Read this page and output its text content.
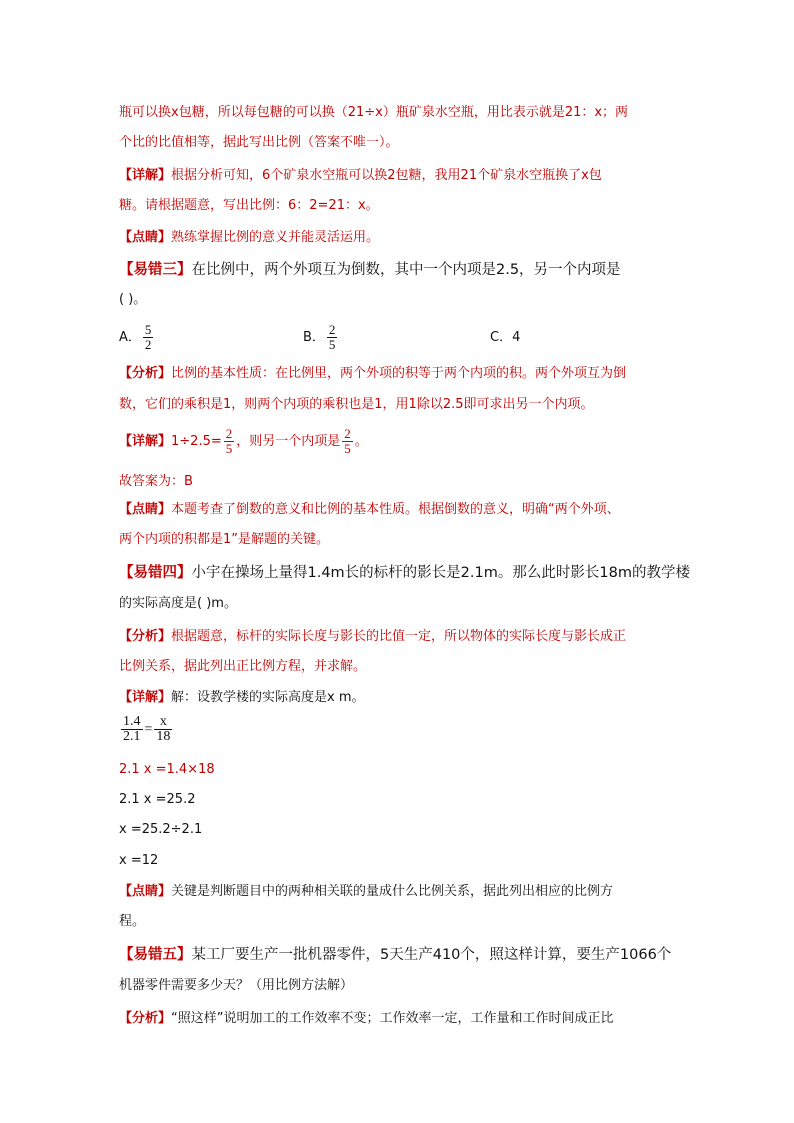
瓶可以换x包糖，所以每包糖的可以换（21÷x）瓶矿泉水空瓶，用比表示就是21：x；两
个比的比值相等，据此写出比例（答案不唯一）。
【详解】根据分析可知，6个矿泉水空瓶可以换2包糖，我用21个矿泉水空瓶换了x包
糖。请根据题意，写出比例：6：2=21：x。
【点睛】熟练掌握比例的意义并能灵活运用。
【易错三】在比例中，两个外项互为倒数，其中一个内项是2.5，另一个内项是
( )。
A． $\frac{5}{2}$	B． $\frac{2}{5}$	C．4
【分析】比例的基本性质：在比例里，两个外项的积等于两个内项的积。两个外项互为倒
数，它们的乘积是1，则两个内项的乘积也是1，用1除以2.5即可求出另一个内项。
【详解】$1\div 2.5= \frac{2}{5}$ ，则另一个内项是 $\frac{2}{5}$ 。
故答案为：B
【点睛】本题考查了倒数的意义和比例的基本性质。根据倒数的意义，明确“两个外项、
两个内项的积都是1”是解题的关键。
【易错四】小宇在操场上量得1.4m长的标杆的影长是2.1m。那么此时影长18m的教学楼
的实际高度是( )m。
【分析】根据题意，标杆的实际长度与影长的比值一定，所以物体的实际长度与影长成正
比例关系，据此列出正比例方程，并求解。
【详解】解：设教学楼的实际高度是x m。
$\frac{1.4}{2.1} = \frac{x}{18}$
2.1 x =1.4×18
2.1 x =25.2
x =25.2÷2.1
x =12
【点睛】关键是判断题目中的两种相关联的量成什么比例关系，据此列出相应的比例方
程。
【易错五】某工厂要生产一批机器零件，5天生产410个，照这样计算，要生产1066个
机器零件需要多少天？（用比例方法解）
【分析】“照这样”说明加工的工作效率不变；工作效率一定，工作量和工作时间成正比
